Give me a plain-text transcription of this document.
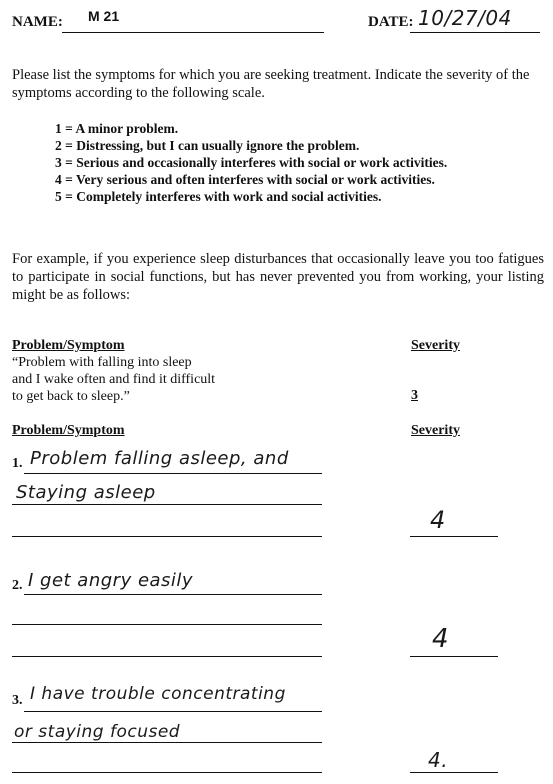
NAME: M 21	DATE: 10/27/04
Please list the symptoms for which you are seeking treatment. Indicate the severity of the symptoms according to the following scale.
1 = A minor problem.
2 = Distressing, but I can usually ignore the problem.
3 = Serious and occasionally interferes with social or work activities.
4 = Very serious and often interferes with social or work activities.
5 = Completely interferes with work and social activities.
For example, if you experience sleep disturbances that occasionally leave you too fatigues to participate in social functions, but has never prevented you from working, your listing might be as follows:
Problem/Symptom	Severity
“Problem with falling into sleep
and I wake often and find it difficult
to get back to sleep.”	3
Problem/Symptom	Severity
1. Problem falling asleep, and
Staying asleep
4
2. I get angry easily
4
3. I have trouble concentrating
or staying focused
4.
